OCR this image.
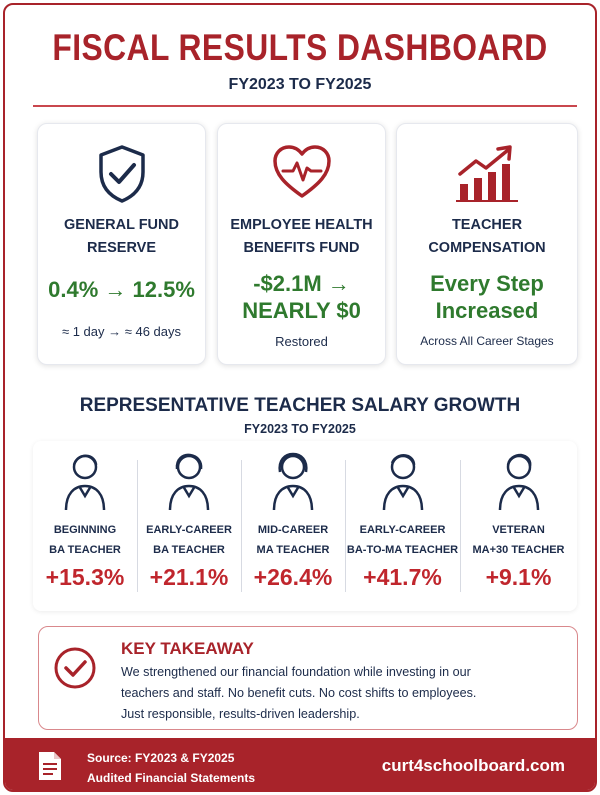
FISCAL RESULTS DASHBOARD
FY2023 TO FY2025
GENERAL FUND
RESERVE
0.4% → 12.5%
≈ 1 day → ≈ 46 days
EMPLOYEE HEALTH
BENEFITS FUND
-$2.1M →
NEARLY $0
Restored
TEACHER
COMPENSATION
Every Step
Increased
Across All Career Stages
REPRESENTATIVE TEACHER SALARY GROWTH
FY2023 TO FY2025
BEGINNING
BA TEACHER
+15.3%
EARLY-CAREER
BA TEACHER
+21.1%
MID-CAREER
MA TEACHER
+26.4%
EARLY-CAREER
BA-TO-MA TEACHER
+41.7%
VETERAN
MA+30 TEACHER
+9.1%
KEY TAKEAWAY
We strengthened our financial foundation while investing in our
teachers and staff. No benefit cuts. No cost shifts to employees.
Just responsible, results-driven leadership.
Source: FY2023 & FY2025
Audited Financial Statements
curt4schoolboard.com
